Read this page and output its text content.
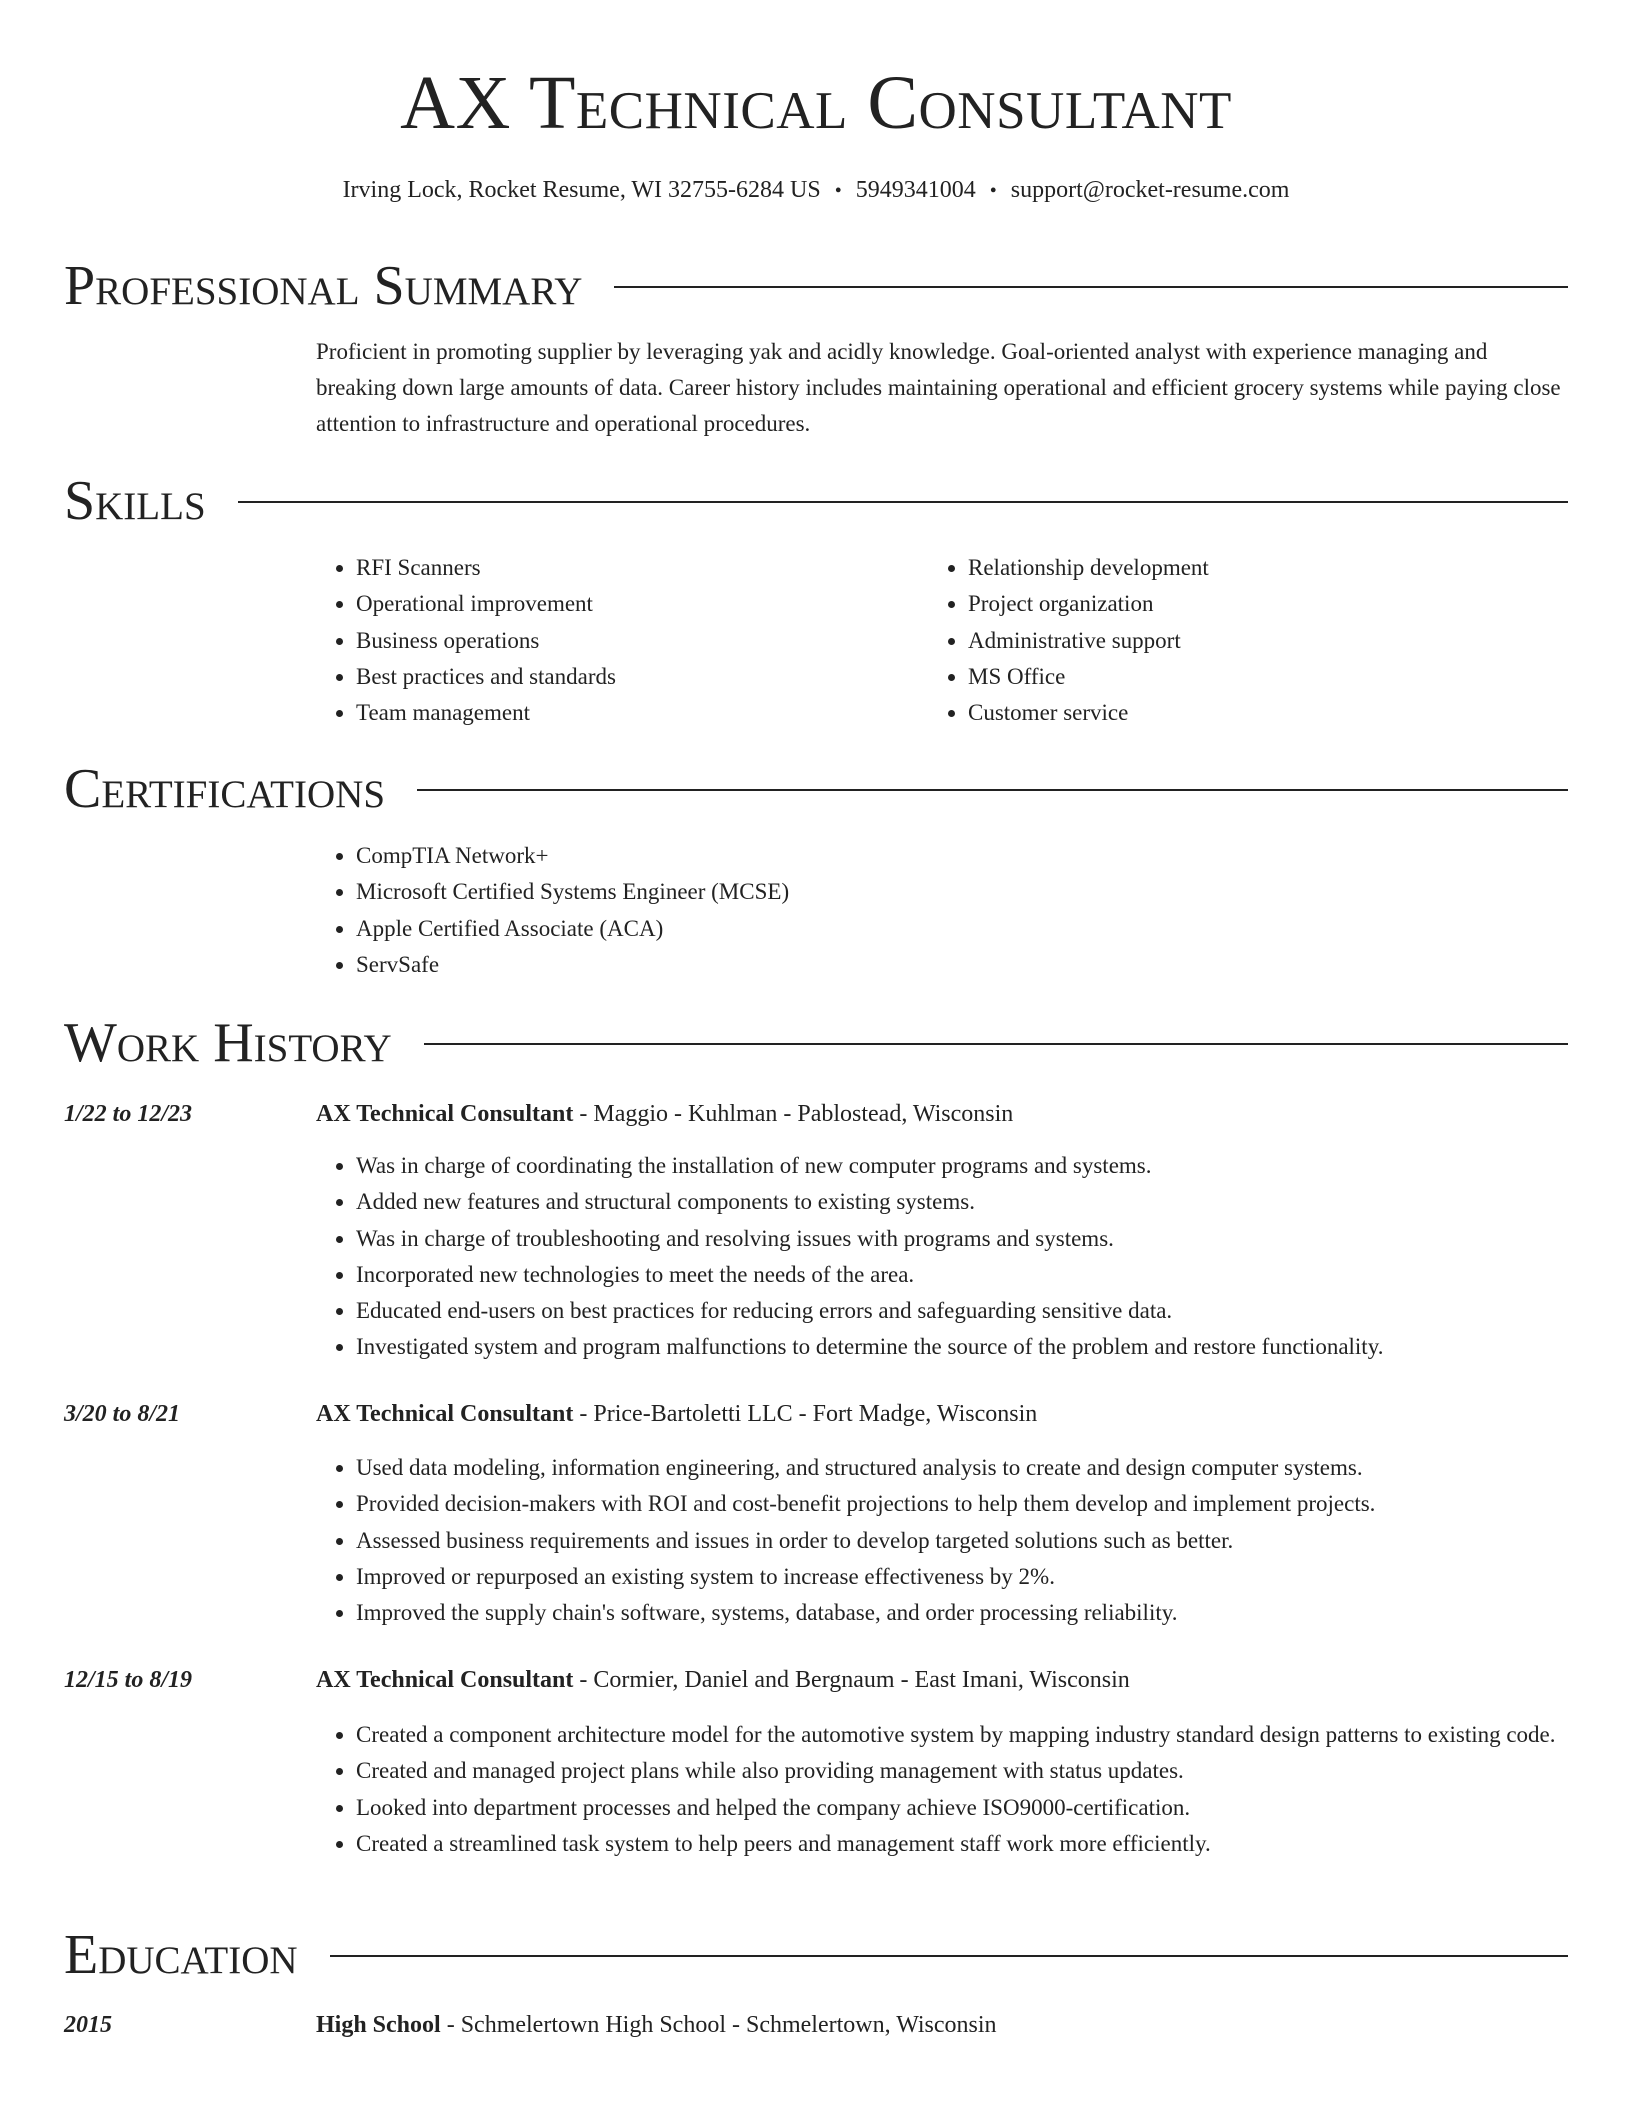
AX Technical Consultant
Irving Lock, Rocket Resume, WI 32755-6284 US • 5949341004 • support@rocket-resume.com
Professional Summary
Proficient in promoting supplier by leveraging yak and acidly knowledge. Goal-oriented analyst with experience managing and breaking down large amounts of data. Career history includes maintaining operational and efficient grocery systems while paying close attention to infrastructure and operational procedures.
Skills
• RFI Scanners
• Operational improvement
• Business operations
• Best practices and standards
• Team management
• Relationship development
• Project organization
• Administrative support
• MS Office
• Customer service
Certifications
• CompTIA Network+
• Microsoft Certified Systems Engineer (MCSE)
• Apple Certified Associate (ACA)
• ServSafe
Work History
1/22 to 12/23	AX Technical Consultant - Maggio - Kuhlman - Pablostead, Wisconsin
• Was in charge of coordinating the installation of new computer programs and systems.
• Added new features and structural components to existing systems.
• Was in charge of troubleshooting and resolving issues with programs and systems.
• Incorporated new technologies to meet the needs of the area.
• Educated end-users on best practices for reducing errors and safeguarding sensitive data.
• Investigated system and program malfunctions to determine the source of the problem and restore functionality.
3/20 to 8/21	AX Technical Consultant - Price-Bartoletti LLC - Fort Madge, Wisconsin
• Used data modeling, information engineering, and structured analysis to create and design computer systems.
• Provided decision-makers with ROI and cost-benefit projections to help them develop and implement projects.
• Assessed business requirements and issues in order to develop targeted solutions such as better.
• Improved or repurposed an existing system to increase effectiveness by 2%.
• Improved the supply chain's software, systems, database, and order processing reliability.
12/15 to 8/19	AX Technical Consultant - Cormier, Daniel and Bergnaum - East Imani, Wisconsin
• Created a component architecture model for the automotive system by mapping industry standard design patterns to existing code.
• Created and managed project plans while also providing management with status updates.
• Looked into department processes and helped the company achieve ISO9000-certification.
• Created a streamlined task system to help peers and management staff work more efficiently.
Education
2015	High School - Schmelertown High School - Schmelertown, Wisconsin
